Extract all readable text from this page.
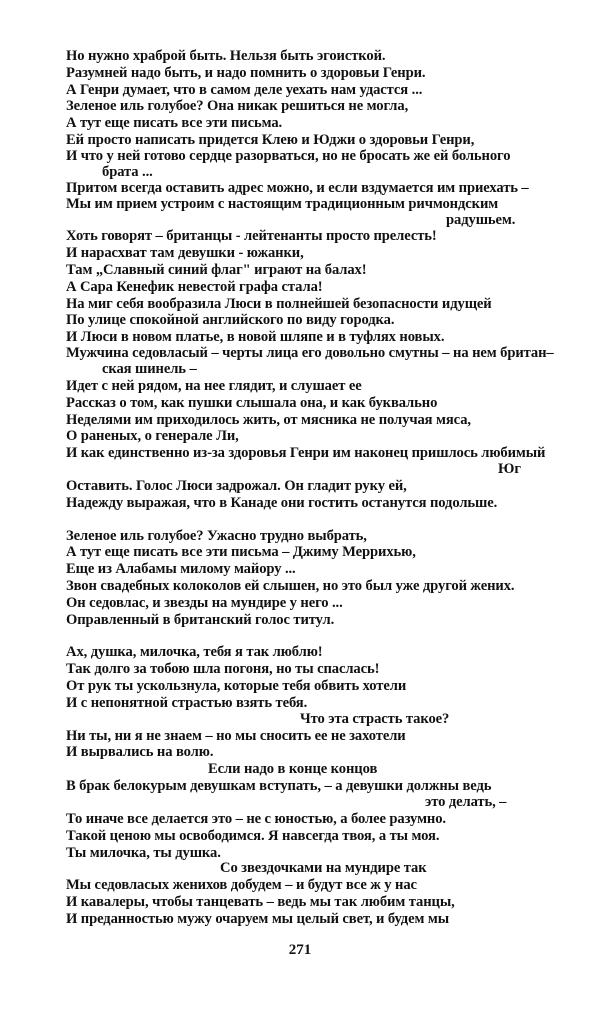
Но нужно храброй быть. Нельзя быть эгоисткой.
Разумней надо быть, и надо помнить о здоровьи Генри.
А Генри думает, что в самом деле уехать нам удастся ...
Зеленое иль голубое? Она никак решиться не могла,
А тут еще писать все эти письма.
Ей просто написать придется Клею и Юджи о здоровьи Генри,
И что у ней готово сердце разорваться, но не бросать же ей больного
брата ...
Притом всегда оставить адрес можно, и если вздумается им приехать –
Мы им прием устроим с настоящим традиционным ричмондским
радушьем.
Хоть говорят – британцы - лейтенанты просто прелесть!
И нарасхват там девушки - южанки,
Там „Славный синий флаг" играют на балах!
А Сара Кенефик невестой графа стала!
На миг себя вообразила Люси в полнейшей безопасности идущей
По улице спокойной английского по виду городка.
И Люси в новом платье, в новой шляпе и в туфлях новых.
Мужчина седовласый – черты лица его довольно смутны – на нем британ–
ская шинель –
Идет с ней рядом, на нее глядит, и слушает ее
Рассказ о том, как пушки слышала она, и как буквально
Неделями им приходилось жить, от мясника не получая мяса,
О раненых, о генерале Ли,
И как единственно из-за здоровья Генри им наконец пришлось любимый
Юг
Оставить. Голос Люси задрожал. Он гладит руку ей,
Надежду выражая, что в Канаде они гостить останутся подольше.
Зеленое иль голубое? Ужасно трудно выбрать,
А тут еще писать все эти письма – Джиму Меррихью,
Еще из Алабамы милому майору ...
Звон свадебных колоколов ей слышен, но это был уже другой жених.
Он седовлас, и звезды на мундире у него ...
Оправленный в британский голос титул.
Ах, душка, милочка, тебя я так люблю!
Так долго за тобою шла погоня, но ты спаслась!
От рук ты ускользнула, которые тебя обвить хотели
И с непонятной страстью взять тебя.
Что эта страсть такое?
Ни ты, ни я не знаем – но мы сносить ее не захотели
И вырвались на волю.
Если надо в конце концов
В брак белокурым девушкам вступать, – а девушки должны ведь
это делать, –
То иначе все делается это – не с юностью, а более разумно.
Такой ценою мы освободимся. Я навсегда твоя, а ты моя.
Ты милочка, ты душка.
Со звездочками на мундире так
Мы седовласых женихов добудем – и будут все ж у нас
И кавалеры, чтобы танцевать – ведь мы так любим танцы,
И преданностью мужу очаруем мы целый свет, и будем мы
271
